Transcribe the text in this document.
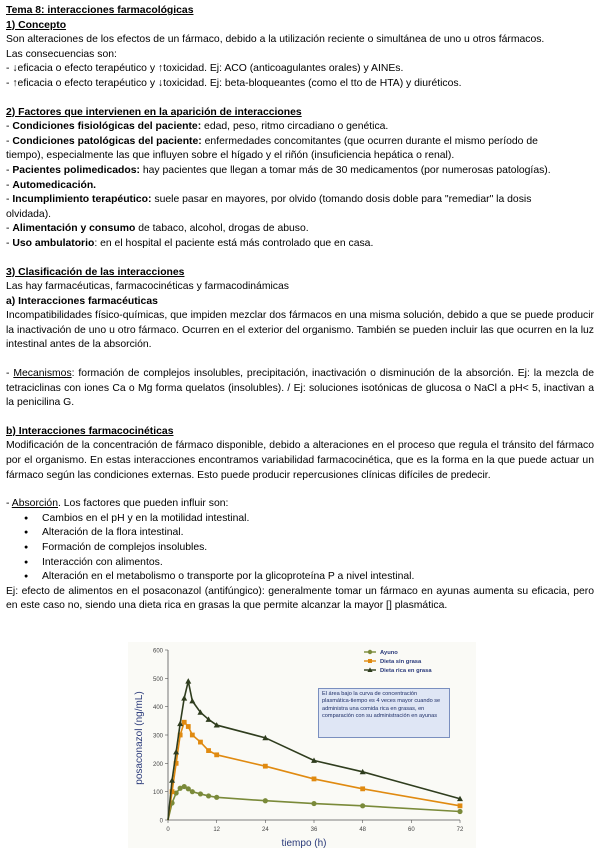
Tema 8: interacciones farmacológicas
1) Concepto
Son alteraciones de los efectos de un fármaco, debido a la utilización reciente o simultánea de uno u otros fármacos.
Las consecuencias son:
- ↓eficacia o efecto terapéutico y ↑toxicidad. Ej: ACO (anticoagulantes orales) y AINEs.
- ↑eficacia o efecto terapéutico y ↓toxicidad. Ej: beta-bloqueantes (como el tto de HTA) y diuréticos.
2) Factores que intervienen en la aparición de interacciones
- Condiciones fisiológicas del paciente: edad, peso, ritmo circadiano o genética.
- Condiciones patológicas del paciente: enfermedades concomitantes (que ocurren durante el mismo período de
tiempo), especialmente las que influyen sobre el hígado y el riñón (insuficiencia hepática o renal).
- Pacientes polimedicados: hay pacientes que llegan a tomar más de 30 medicamentos (por numerosas patologías).
- Automedicación.
- Incumplimiento terapéutico: suele pasar en mayores, por olvido (tomando dosis doble para "remediar" la dosis
olvidada).
- Alimentación y consumo de tabaco, alcohol, drogas de abuso.
- Uso ambulatorio: en el hospital el paciente está más controlado que en casa.
3) Clasificación de las interacciones
Las hay farmacéuticas, farmacocinéticas y farmacodinámicas
a) Interacciones farmacéuticas
Incompatibilidades físico-químicas, que impiden mezclar dos fármacos en una misma solución, debido a que se puede producir la inactivación de uno u otro fármaco. Ocurren en el exterior del organismo. También se pueden incluir las que ocurren en la luz intestinal antes de la absorción.
- Mecanismos: formación de complejos insolubles, precipitación, inactivación o disminución de la absorción. Ej: la mezcla de tetraciclinas con iones Ca o Mg forma quelatos (insolubles). / Ej: soluciones isotónicas de glucosa o NaCl a pH< 5, inactivan a la penicilina G.
b) Interacciones farmacocinéticas
Modificación de la concentración de fármaco disponible, debido a alteraciones en el proceso que regula el tránsito del fármaco por el organismo. En estas interacciones encontramos variabilidad farmacocinética, que es la forma en la que puede actuar un fármaco según las condiciones externas. Esto puede producir repercusiones clínicas difíciles de predecir.
- Absorción. Los factores que pueden influir son:
● Cambios en el pH y en la motilidad intestinal.
● Alteración de la flora intestinal.
● Formación de complejos insolubles.
● Interacción con alimentos.
● Alteración en el metabolismo o transporte por la glicoproteína P a nivel intestinal.
Ej: efecto de alimentos en el posaconazol (antifúngico): generalmente tomar un fármaco en ayunas aumenta su eficacia, pero en este caso no, siendo una dieta rica en grasas la que permite alcanzar la mayor [] plasmática.
0
100
200
300
400
500
600
0	12	24	36	48	60	72
Ayuno
Dieta sin grasa
Dieta rica en grasa
posaconazol (ng/mL)
tiempo (h)
El área bajo la curva de concentración plasmática-tiempo es 4 veces mayor cuando se administra una comida rica en grasas, en comparación con su administración en ayunas
